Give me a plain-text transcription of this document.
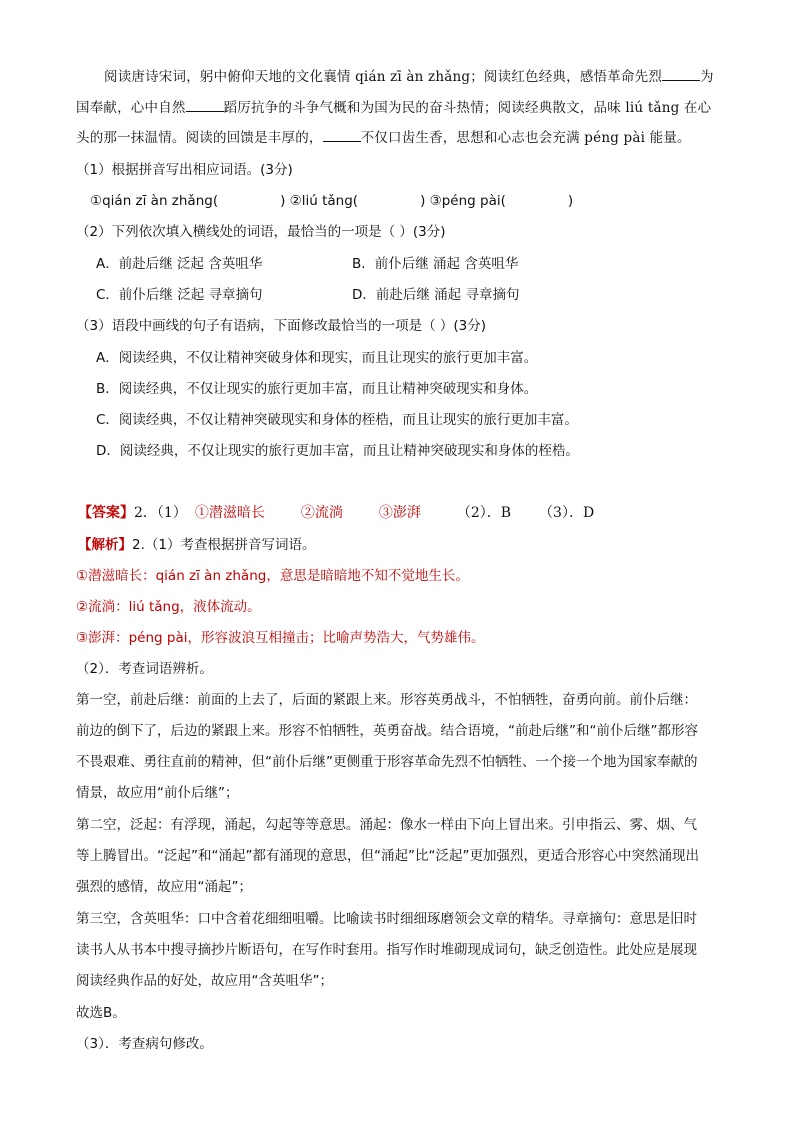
阅读唐诗宋词，躬中俯仰天地的文化襄情 qián zī àn zhǎng；阅读红色经典，感悟革命先烈	为
国奉献，心中自然	蹈厉抗争的斗争气概和为国为民的奋斗热情；阅读经典散文，品味 liú tǎng 在心
头的那一抹温情。阅读的回馈是丰厚的，	不仅口齿生香，思想和心志也会充满 péng pài 能量。
（1）根据拼音写出相应词语。(3分)
①qián zī àn zhǎng(	) ②liú tǎng(	) ③péng pài(	)
（2）下列依次填入横线处的词语，最恰当的一项是（ ）(3分)
A．前赴后继 泛起 含英咀华	B．前仆后继 涌起 含英咀华
C．前仆后继 泛起 寻章摘句	D．前赴后继 涌起 寻章摘句
（3）语段中画线的句子有语病，下面修改最恰当的一项是（ ）(3分)
A．阅读经典，不仅让精神突破身体和现实，而且让现实的旅行更加丰富。
B．阅读经典，不仅让现实的旅行更加丰富，而且让精神突破现实和身体。
C．阅读经典，不仅让精神突破现实和身体的桎梏，而且让现实的旅行更加丰富。
D．阅读经典，不仅让现实的旅行更加丰富，而且让精神突破现实和身体的桎梏。
【答案】2．（1） ①潜滋暗长	②流淌	③澎湃	（2）．B （3）．D
【解析】2.（1）考查根据拼音写词语。
①潜滋暗长：qián zī àn zhǎng，意思是暗暗地不知不觉地生长。
②流淌：liú tǎng，液体流动。
③澎湃：péng pài，形容波浪互相撞击；比喻声势浩大，气势雄伟。
（2）．考查词语辨析。
第一空，前赴后继：前面的上去了，后面的紧跟上来。形容英勇战斗，不怕牺牲，奋勇向前。前仆后继：
前边的倒下了，后边的紧跟上来。形容不怕牺牲，英勇奋战。结合语境，“前赴后继”和“前仆后继”都形容
不畏艰难、勇往直前的精神，但“前仆后继”更侧重于形容革命先烈不怕牺牲、一个接一个地为国家奉献的
情景，故应用“前仆后继”；
第二空，泛起：有浮现，涌起，勾起等等意思。涌起：像水一样由下向上冒出来。引申指云、雾、烟、气
等上腾冒出。“泛起”和“涌起”都有涌现的意思，但“涌起”比“泛起”更加强烈，更适合形容心中突然涌现出
强烈的感情，故应用“涌起”；
第三空，含英咀华：口中含着花细细咀嚼。比喻读书时细细琢磨领会文章的精华。寻章摘句：意思是旧时
读书人从书本中搜寻摘抄片断语句，在写作时套用。指写作时堆砌现成词句，缺乏创造性。此处应是展现
阅读经典作品的好处，故应用“含英咀华”；
故选B。
（3）．考查病句修改。
